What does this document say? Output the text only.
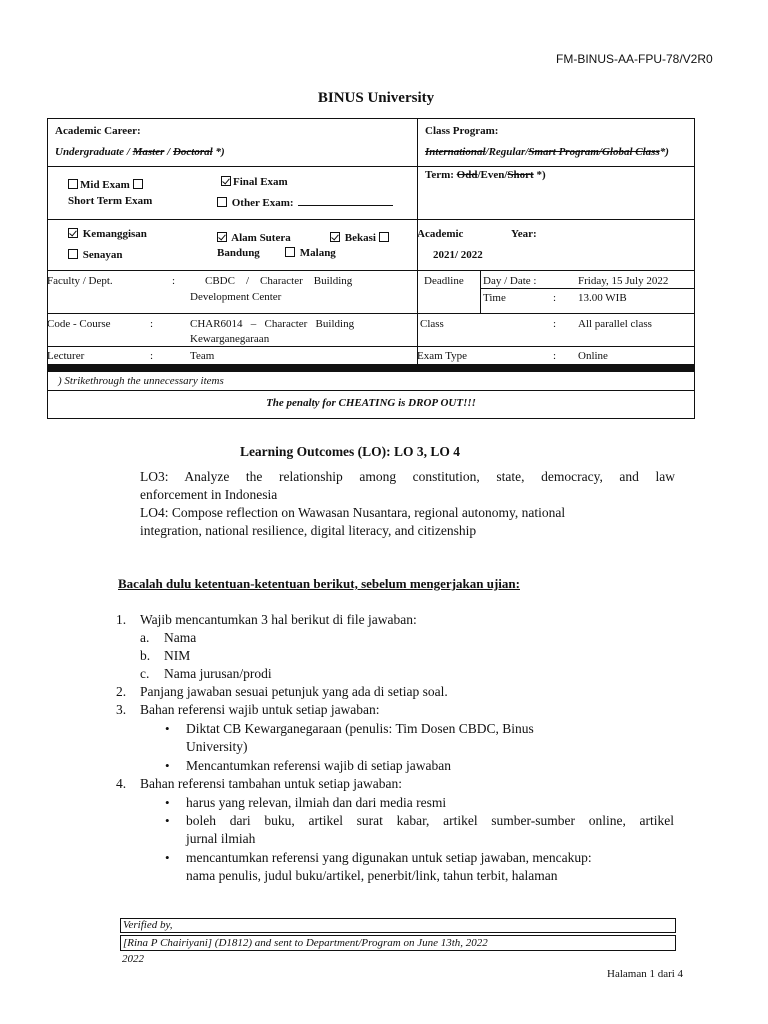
FM-BINUS-AA-FPU-78/V2R0
BINUS University
Academic Career:
Undergraduate / Master / Doctoral *)
Class Program:
International/Regular/Smart Program/Global Class*)
Mid Exam
Short Term Exam
Final Exam
Other Exam:
Term: Odd/Even/Short *)
Kemanggisan
Senayan
Alam Sutera	Bekasi
Bandung	Malang
Academic	Year:
2021/ 2022
Faculty / Dept.	:	CBDC    /    Character    Building
Development Center
Deadline Day / Date :	Friday, 15 July 2022
Time	: 13.00 WIB
Code - Course	:	CHAR6014   –   Character   Building
Kewarganegaraan
Class	: All parallel class
Lecturer	:	Team	Exam Type	: Online
) Strikethrough the unnecessary items
The penalty for CHEATING is DROP OUT!!!
Learning Outcomes (LO): LO 3, LO 4
LO3: Analyze the relationship among constitution, state, democracy, and law
enforcement in Indonesia
LO4: Compose reflection on Wawasan Nusantara, regional autonomy, national
integration, national resilience, digital literacy, and citizenship
Bacalah dulu ketentuan-ketentuan berikut, sebelum mengerjakan ujian:
1. Wajib mencantumkan 3 hal berikut di file jawaban:
a. Nama
b. NIM
c. Nama jurusan/prodi
2. Panjang jawaban sesuai petunjuk yang ada di setiap soal.
3. Bahan referensi wajib untuk setiap jawaban:
• Diktat CB Kewarganegaraan (penulis: Tim Dosen CBDC, Binus
University)
• Mencantumkan referensi wajib di setiap jawaban
4. Bahan referensi tambahan untuk setiap jawaban:
• harus yang relevan, ilmiah dan dari media resmi
• boleh dari buku, artikel surat kabar, artikel sumber-sumber online, artikel
jurnal ilmiah
• mencantumkan referensi yang digunakan untuk setiap jawaban, mencakup:
nama penulis, judul buku/artikel, penerbit/link, tahun terbit, halaman
Verified by,
[Rina P Chairiyani] (D1812) and sent to Department/Program on June 13th, 2022
2022
Halaman 1 dari 4
